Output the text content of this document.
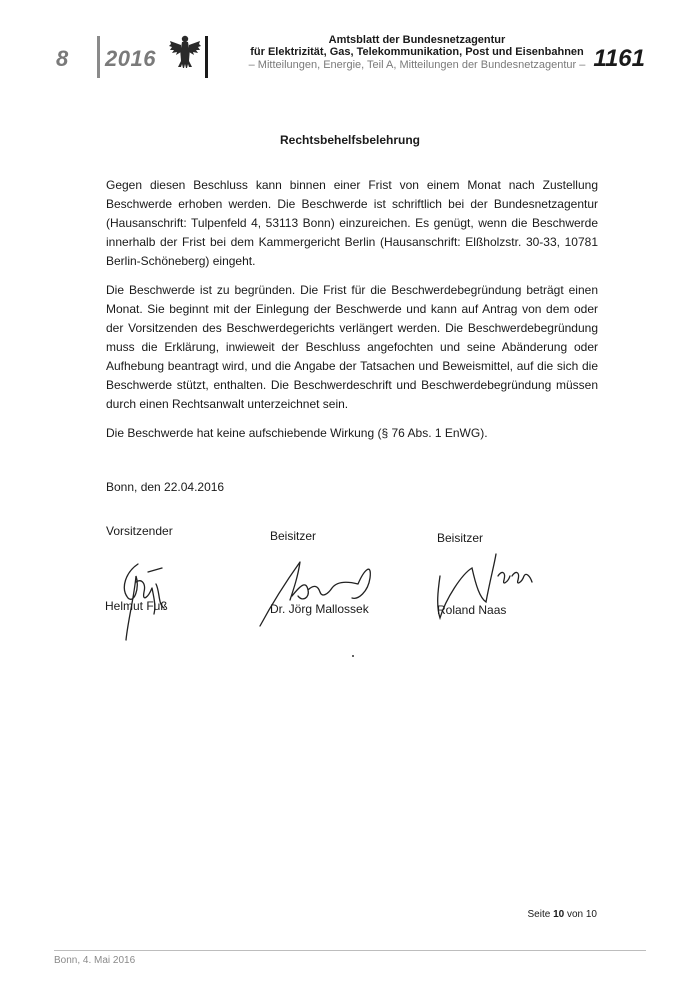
8 2016
Amtsblatt der Bundesnetzagentur
für Elektrizität, Gas, Telekommunikation, Post und Eisenbahnen
– Mitteilungen, Energie, Teil A, Mitteilungen der Bundesnetzagentur – 1161
Rechtsbehelfsbelehrung

Gegen diesen Beschluss kann binnen einer Frist von einem Monat nach Zustellung Beschwerde erhoben werden. Die Beschwerde ist schriftlich bei der Bundesnetzagentur (Hausanschrift: Tulpenfeld 4, 53113 Bonn) einzureichen. Es genügt, wenn die Beschwerde innerhalb der Frist bei dem Kammergericht Berlin (Hausanschrift: Elßholzstr. 30-33, 10781 Berlin-Schöneberg) eingeht.

Die Beschwerde ist zu begründen. Die Frist für die Beschwerdebegründung beträgt einen Monat. Sie beginnt mit der Einlegung der Beschwerde und kann auf Antrag von dem oder der Vorsitzenden des Beschwerdegerichts verlängert werden. Die Beschwerdebegründung muss die Erklärung, inwieweit der Beschluss angefochten und seine Abänderung oder Aufhebung beantragt wird, und die Angabe der Tatsachen und Beweismittel, auf die sich die Beschwerde stützt, enthalten. Die Beschwerdeschrift und Beschwerdebegründung müssen durch einen Rechtsanwalt unterzeichnet sein.

Die Beschwerde hat keine aufschiebende Wirkung (§ 76 Abs. 1 EnWG).

Bonn, den 22.04.2016
Vorsitzender
Helmut Fuß
Beisitzer
Dr. Jörg Mallossek
Beisitzer
Roland Naas
Seite 10 von 10
Bonn, 4. Mai 2016
